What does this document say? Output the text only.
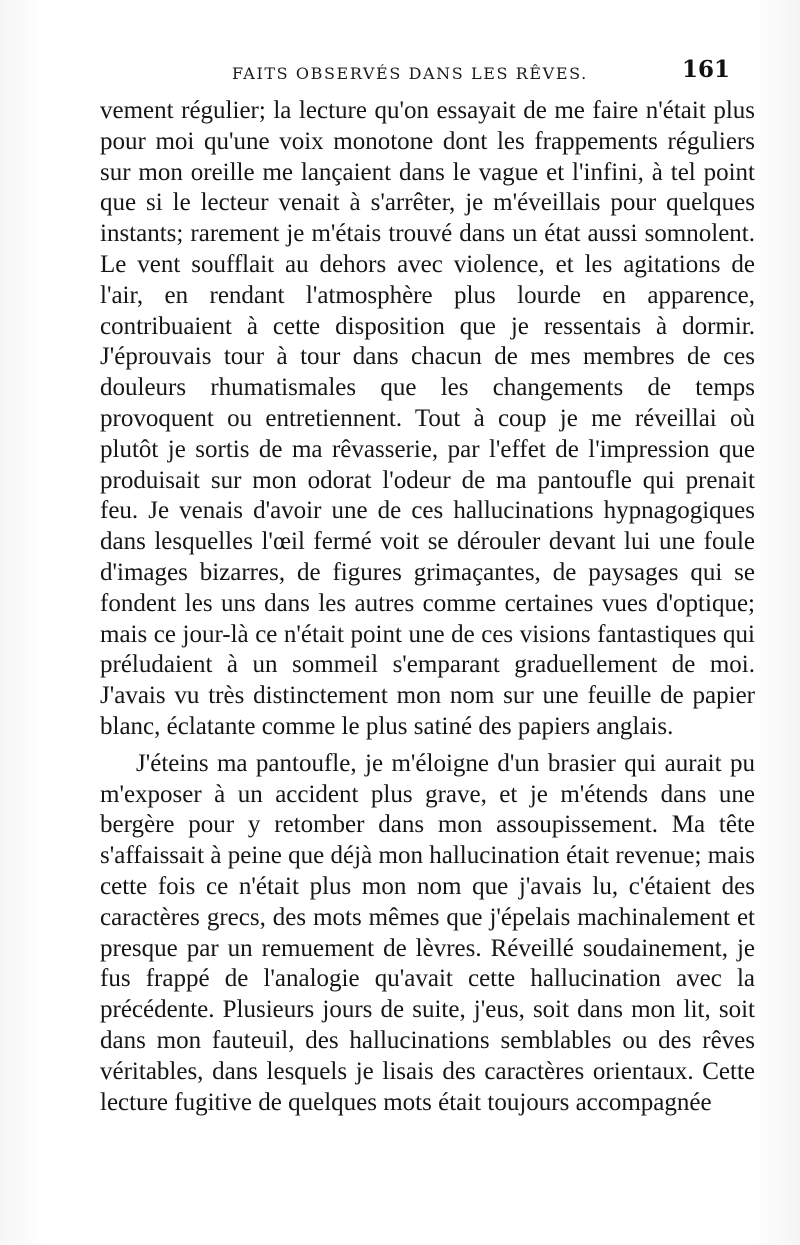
FAITS OBSERVÉS DANS LES RÊVES.	161

vement régulier; la lecture qu'on essayait de me faire n'était plus pour moi qu'une voix monotone dont les frappements réguliers sur mon oreille me lançaient dans le vague et l'infini, à tel point que si le lecteur venait à s'arrêter, je m'éveillais pour quelques instants; rarement je m'étais trouvé dans un état aussi somnolent. Le vent soufflait au dehors avec violence, et les agitations de l'air, en rendant l'atmosphère plus lourde en apparence, contribuaient à cette disposition que je ressentais à dormir. J'éprouvais tour à tour dans chacun de mes membres de ces douleurs rhumatismales que les changements de temps provoquent ou entretiennent. Tout à coup je me réveillai où plutôt je sortis de ma rêvasserie, par l'effet de l'impression que produisait sur mon odorat l'odeur de ma pantoufle qui prenait feu. Je venais d'avoir une de ces hallucinations hypnagogiques dans lesquelles l'œil fermé voit se dérouler devant lui une foule d'images bizarres, de figures grimaçantes, de paysages qui se fondent les uns dans les autres comme certaines vues d'optique; mais ce jour-là ce n'était point une de ces visions fantastiques qui préludaient à un sommeil s'emparant graduellement de moi. J'avais vu très distinctement mon nom sur une feuille de papier blanc, éclatante comme le plus satiné des papiers anglais.

J'éteins ma pantoufle, je m'éloigne d'un brasier qui aurait pu m'exposer à un accident plus grave, et je m'étends dans une bergère pour y retomber dans mon assoupissement. Ma tête s'affaissait à peine que déjà mon hallucination était revenue; mais cette fois ce n'était plus mon nom que j'avais lu, c'étaient des caractères grecs, des mots mêmes que j'épelais machinalement et presque par un remuement de lèvres. Réveillé soudainement, je fus frappé de l'analogie qu'avait cette hallucination avec la précédente. Plusieurs jours de suite, j'eus, soit dans mon lit, soit dans mon fauteuil, des hallucinations semblables ou des rêves véritables, dans lesquels je lisais des caractères orientaux. Cette lecture fugitive de quelques mots était toujours accompagnée
